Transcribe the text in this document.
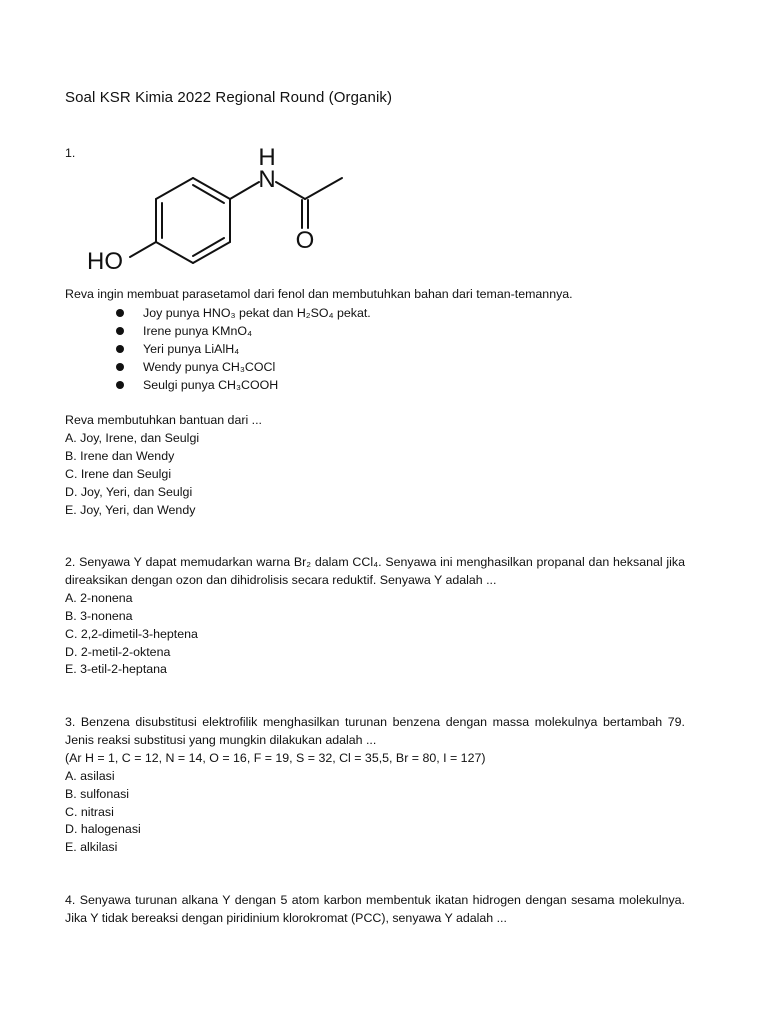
Soal KSR Kimia 2022 Regional Round (Organik)
1.	H
N
O
HO
Reva ingin membuat parasetamol dari fenol dan membutuhkan bahan dari teman-temannya.
Joy punya HNO₃ pekat dan H₂SO₄ pekat.
Irene punya KMnO₄
Yeri punya LiAlH₄
Wendy punya CH₃COCl
Seulgi punya CH₃COOH
Reva membutuhkan bantuan dari ...
A. Joy, Irene, dan Seulgi
B. Irene dan Wendy
C. Irene dan Seulgi
D. Joy, Yeri, dan Seulgi
E. Joy, Yeri, dan Wendy
2. Senyawa Y dapat memudarkan warna Br₂ dalam CCl₄. Senyawa ini menghasilkan propanal dan heksanal jika direaksikan dengan ozon dan dihidrolisis secara reduktif. Senyawa Y adalah ...
A. 2-nonena
B. 3-nonena
C. 2,2-dimetil-3-heptena
D. 2-metil-2-oktena
E. 3-etil-2-heptana
3. Benzena disubstitusi elektrofilik menghasilkan turunan benzena dengan massa molekulnya bertambah 79. Jenis reaksi substitusi yang mungkin dilakukan adalah ...
(Ar H = 1, C = 12, N = 14, O = 16, F = 19, S = 32, Cl = 35,5, Br = 80, I = 127)
A. asilasi
B. sulfonasi
C. nitrasi
D. halogenasi
E. alkilasi
4. Senyawa turunan alkana Y dengan 5 atom karbon membentuk ikatan hidrogen dengan sesama molekulnya. Jika Y tidak bereaksi dengan piridinium klorokromat (PCC), senyawa Y adalah ...
